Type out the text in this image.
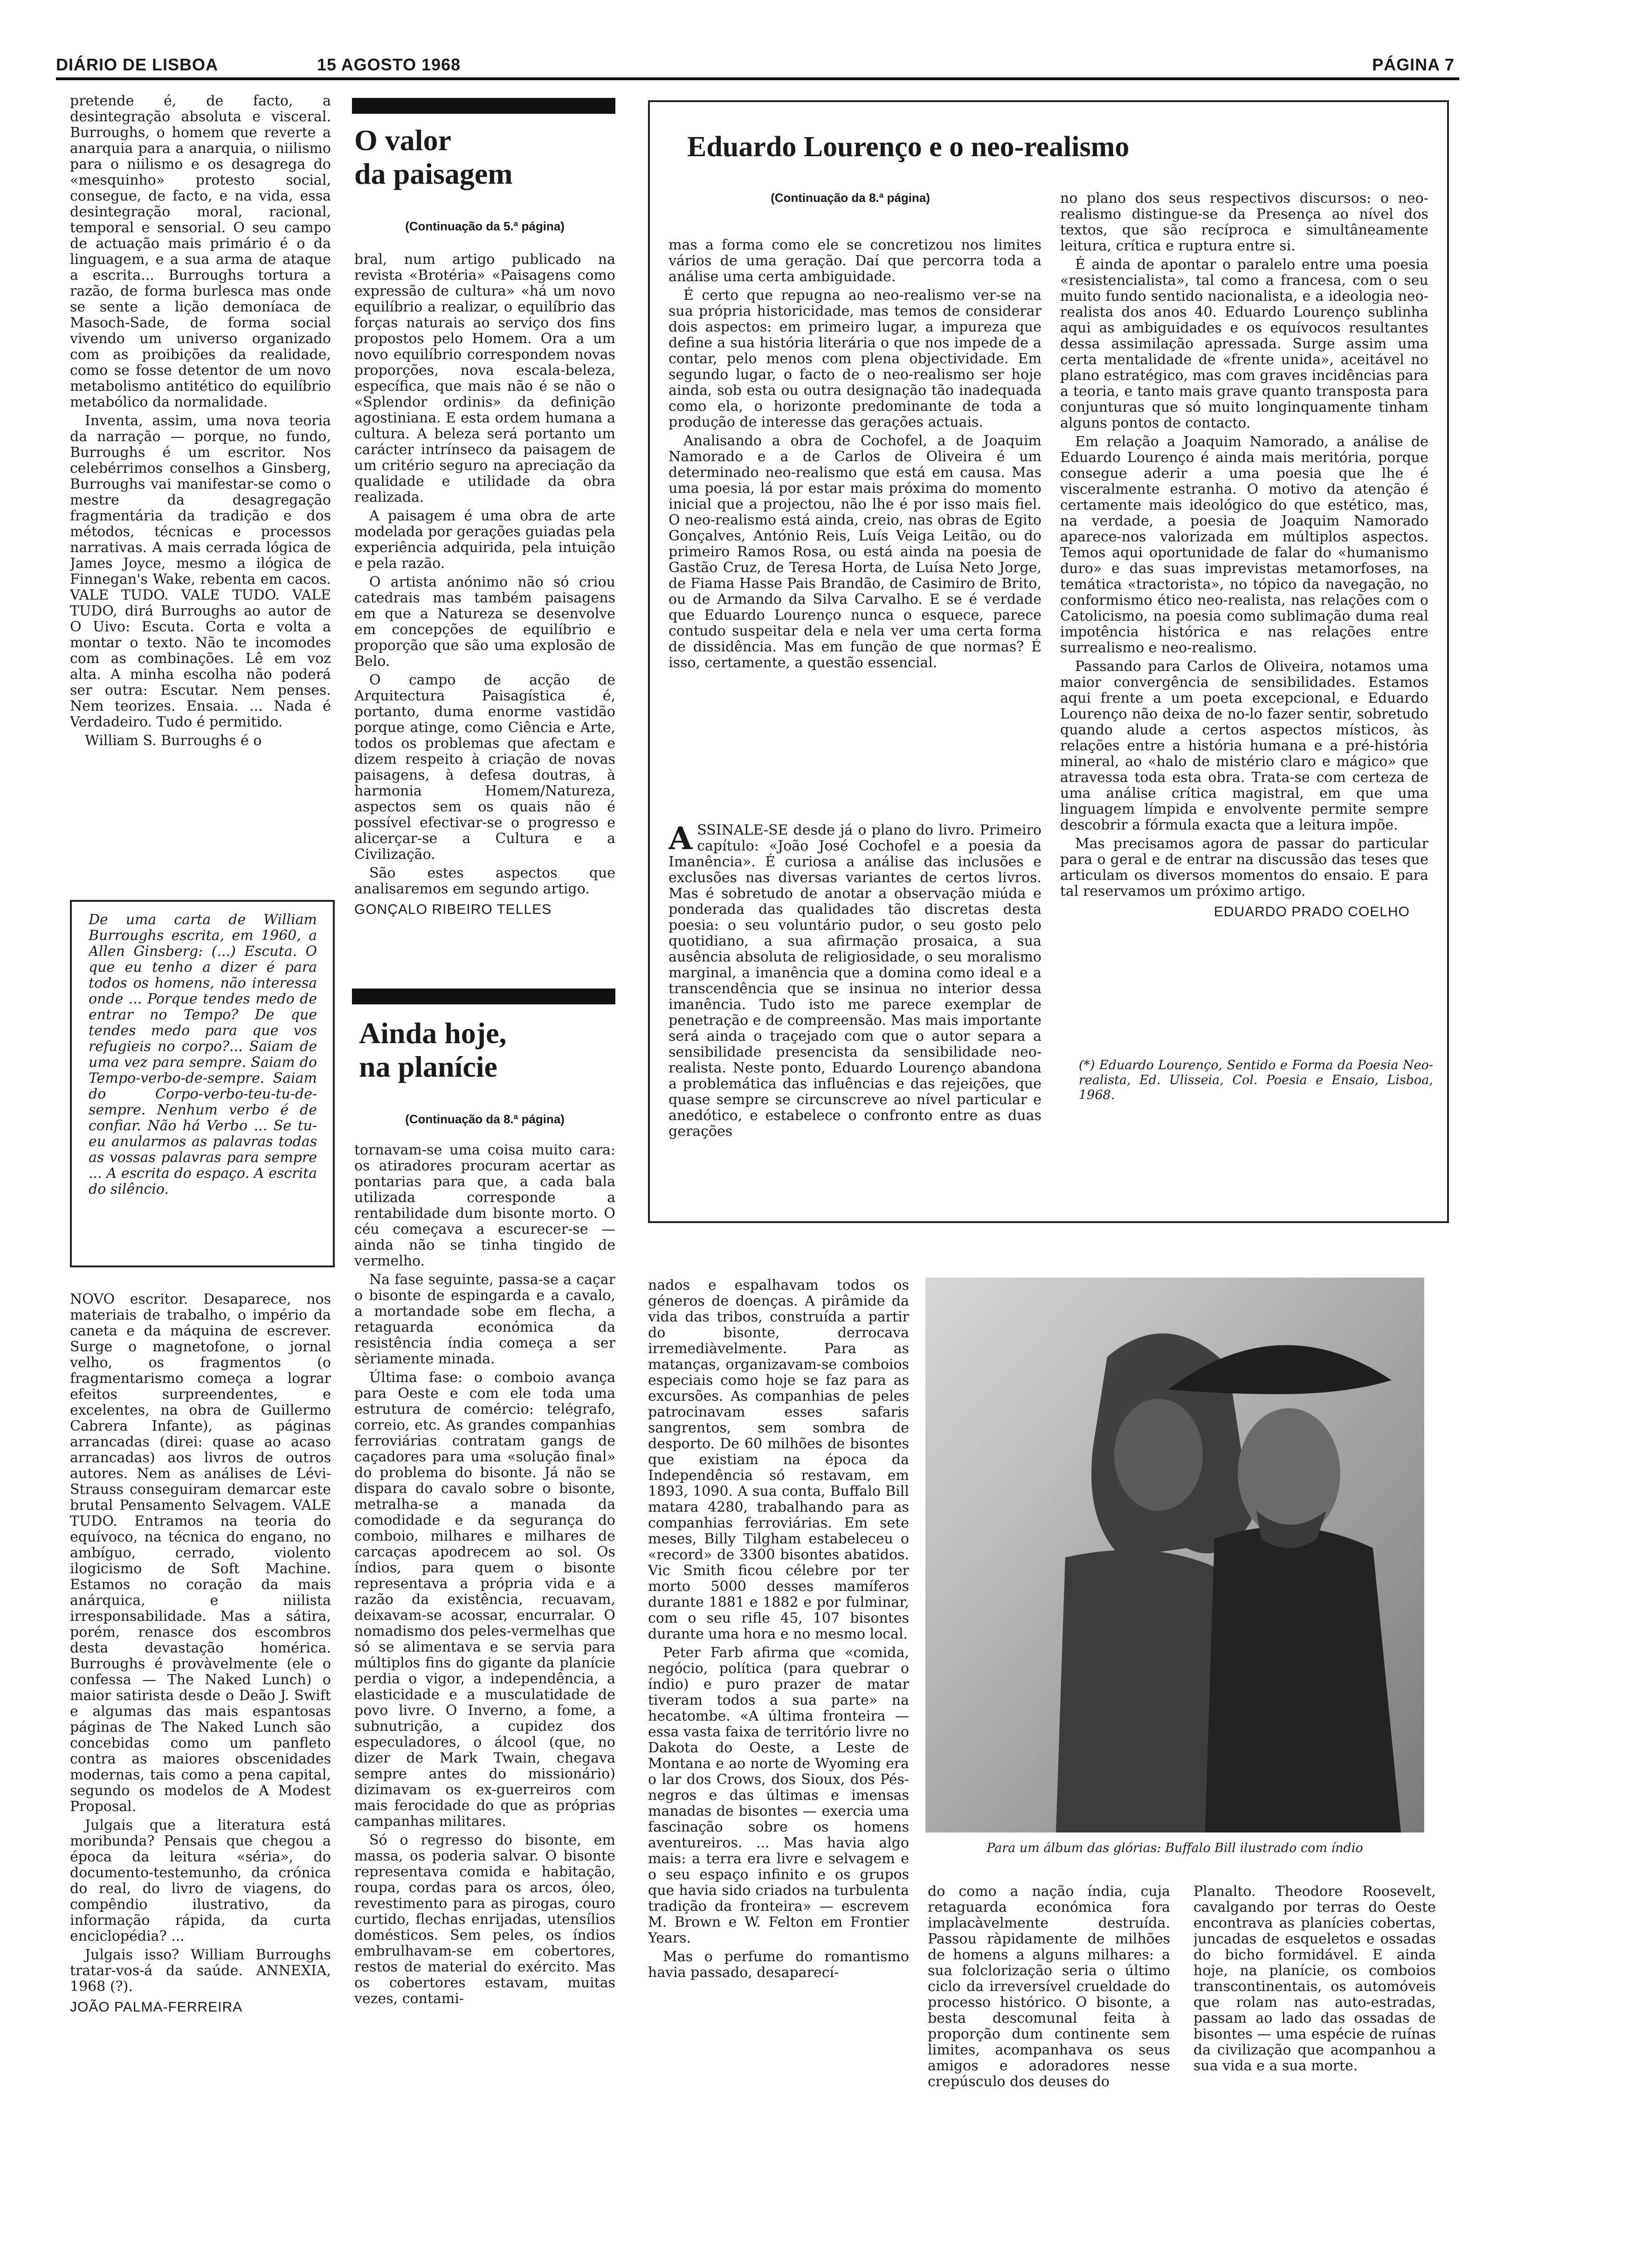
DIÁRIO DE LISBOA	15 AGOSTO 1968	PÁGINA 7

pretende é, de facto, a desintegração absoluta e visceral. Burroughs, o homem que reverte a anarquia para a anarquia, o niilismo para o niilismo e os desagrega do «mesquinho» protesto social, consegue, de facto, e na vida, essa desintegração moral, racional, temporal e sensorial. O seu campo de actuação mais primário é o da linguagem, e a sua arma de ataque a escrita... Burroughs tortura a razão, de forma burlesca mas onde se sente a lição demoníaca de Masoch-Sade, de forma social vivendo um universo organizado com as proibições da realidade, como se fosse detentor de um novo metabolismo antitético do equilíbrio metabólico da normalidade.

Inventa, assim, uma nova teoria da narração — porque, no fundo, Burroughs é um escritor. Nos celebérrimos conselhos a Ginsberg, Burroughs vai manifestar-se como o mestre da desagregação fragmentária da tradição e dos métodos, técnicas e processos narrativas. A mais cerrada lógica de James Joyce, mesmo a ilógica de Finnegan's Wake, rebenta em cacos. VALE TUDO. VALE TUDO. VALE TUDO, dirá Burroughs ao autor de O Uivo: Escuta. Corta e volta a montar o texto. Não te incomodes com as combinações. Lê em voz alta. A minha escolha não poderá ser outra: Escutar. Nem penses. Nem teorizes. Ensaia. ... Nada é Verdadeiro. Tudo é permitido.

William S. Burroughs é o

De uma carta de William Burroughs escrita, em 1960, a Allen Ginsberg: (...) Escuta. O que eu tenho a dizer é para todos os homens, não interessa onde ... Porque tendes medo de entrar no Tempo? De que tendes medo para que vos refugieis no corpo?... Saiam de uma vez para sempre. Saiam do Tempo-verbo-de-sempre. Saiam do Corpo-verbo-teu-tu-de-sempre. Nenhum verbo é de confiar. Não há Verbo ... Se tu-eu anularmos as palavras todas as vossas palavras para sempre ... A escrita do espaço. A escrita do silêncio.

NOVO escritor. Desaparece, nos materiais de trabalho, o império da caneta e da máquina de escrever. Surge o magnetofone, o jornal velho, os fragmentos (o fragmentarismo começa a lograr efeitos surpreendentes, e excelentes, na obra de Guillermo Cabrera Infante), as páginas arrancadas (direi: quase ao acaso arrancadas) aos livros de outros autores. Nem as análises de Lévi-Strauss conseguiram demarcar este brutal Pensamento Selvagem. VALE TUDO. Entramos na teoria do equívoco, na técnica do engano, no ambíguo, cerrado, violento ilogicismo de Soft Machine. Estamos no coração da mais anárquica, e niilista irresponsabilidade. Mas a sátira, porém, renasce dos escombros desta devastação homérica. Burroughs é provàvelmente (ele o confessa — The Naked Lunch) o maior satirista desde o Deão J. Swift e algumas das mais espantosas páginas de The Naked Lunch são concebidas como um panfleto contra as maiores obscenidades modernas, tais como a pena capital, segundo os modelos de A Modest Proposal.

Julgais que a literatura está moribunda? Pensais que chegou a época da leitura «séria», do documento-testemunho, da crónica do real, do livro de viagens, do compêndio ilustrativo, da informação rápida, da curta enciclopédia? ...

Julgais isso? William Burroughs tratar-vos-á da saúde. ANNEXIA, 1968 (?).

JOÃO PALMA-FERREIRA
O valor
da paisagem
(Continuação da 5.ª página)

bral, num artigo publicado na revista «Brotéria» «Paisagens como expressão de cultura» «há um novo equilíbrio a realizar, o equilíbrio das forças naturais ao serviço dos fins propostos pelo Homem. Ora a um novo equilíbrio correspondem novas proporções, nova escala-beleza, específica, que mais não é se não o «Splendor ordinis» da definição agostiniana. E esta ordem humana a cultura. A beleza será portanto um carácter intrínseco da paisagem de um critério seguro na apreciação da qualidade e utilidade da obra realizada.

A paisagem é uma obra de arte modelada por gerações guiadas pela experiência adquirida, pela intuição e pela razão.

O artista anónimo não só criou catedrais mas também paisagens em que a Natureza se desenvolve em concepções de equilíbrio e proporção que são uma explosão de Belo.

O campo de acção de Arquitectura Paisagística é, portanto, duma enorme vastidão porque atinge, como Ciência e Arte, todos os problemas que afectam e dizem respeito à criação de novas paisagens, à defesa doutras, à harmonia Homem/Natureza, aspectos sem os quais não é possível efectivar-se o progresso e alicerçar-se a Cultura e a Civilização.

São estes aspectos que analisaremos em segundo artigo.

GONÇALO RIBEIRO TELLES
Ainda hoje,
na planície
(Continuação da 8.ª página)

tornavam-se uma coisa muito cara: os atiradores procuram acertar as pontarias para que, a cada bala utilizada corresponde a rentabilidade dum bisonte morto. O céu começava a escurecer-se — ainda não se tinha tingido de vermelho.

Na fase seguinte, passa-se a caçar o bisonte de espingarda e a cavalo, a mortandade sobe em flecha, a retaguarda económica da resistência índia começa a ser sèriamente minada.

Última fase: o comboio avança para Oeste e com ele toda uma estrutura de comércio: telégrafo, correio, etc. As grandes companhias ferroviárias contratam gangs de caçadores para uma «solução final» do problema do bisonte. Já não se dispara do cavalo sobre o bisonte, metralha-se a manada da comodidade e da segurança do comboio, milhares e milhares de carcaças apodrecem ao sol. Os índios, para quem o bisonte representava a própria vida e a razão da existência, recuavam, deixavam-se acossar, encurralar. O nomadismo dos peles-vermelhas que só se alimentava e se servia para múltiplos fins do gigante da planície perdia o vigor, a independência, a elasticidade e a musculatidade de povo livre. O Inverno, a fome, a subnutrição, a cupidez dos especuladores, o álcool (que, no dizer de Mark Twain, chegava sempre antes do missionário) dizimavam os ex-guerreiros com mais ferocidade do que as próprias campanhas militares.

Só o regresso do bisonte, em massa, os poderia salvar. O bisonte representava comida e habitação, roupa, cordas para os arcos, óleo, revestimento para as pirogas, couro curtido, flechas enrijadas, utensílios domésticos. Sem peles, os índios embrulhavam-se em cobertores, restos de material do exército. Mas os cobertores estavam, muitas vezes, contami-

nados e espalhavam todos os géneros de doenças. A pirâmide da vida das tribos, construída a partir do bisonte, derrocava irremediàvelmente. Para as matanças, organizavam-se comboios especiais como hoje se faz para as excursões. As companhias de peles patrocinavam esses safaris sangrentos, sem sombra de desporto. De 60 milhões de bisontes que existiam na época da Independência só restavam, em 1893, 1090. A sua conta, Buffalo Bill matara 4280, trabalhando para as companhias ferroviárias. Em sete meses, Billy Tilgham estabeleceu o «record» de 3300 bisontes abatidos. Vic Smith ficou célebre por ter morto 5000 desses mamíferos durante 1881 e 1882 e por fulminar, com o seu rifle 45, 107 bisontes durante uma hora e no mesmo local.

Peter Farb afirma que «comida, negócio, política (para quebrar o índio) e puro prazer de matar tiveram todos a sua parte» na hecatombe. «A última fronteira — essa vasta faixa de território livre no Dakota do Oeste, a Leste de Montana e ao norte de Wyoming era o lar dos Crows, dos Sioux, dos Pés-negros e das últimas e imensas manadas de bisontes — exercia uma fascinação sobre os homens aventureiros. ... Mas havia algo mais: a terra era livre e selvagem e o seu espaço infinito e os grupos que havia sido criados na turbulenta tradição da fronteira» — escrevem M. Brown e W. Felton em Frontier Years.

Mas o perfume do romantismo havia passado, desaparecí-

Para um álbum das glórias: Buffalo Bill ilustrado com índio

do como a nação índia, cuja retaguarda económica fora implacàvelmente destruída. Passou ràpidamente de milhões de homens a alguns milhares: a sua folclorização seria o último ciclo da irreversível crueldade do processo histórico. O bisonte, a besta descomunal feita à proporção dum continente sem limites, acompanhava os seus amigos e adoradores nesse crepúsculo dos deuses do

Planalto. Theodore Roosevelt, cavalgando por terras do Oeste encontrava as planícies cobertas, juncadas de esqueletos e ossadas do bicho formidável. E ainda hoje, na planície, os comboios transcontinentais, os automóveis que rolam nas auto-estradas, passam ao lado das ossadas de bisontes — uma espécie de ruínas da civilização que acompanhou a sua vida e a sua morte.

Eduardo Lourenço e o neo-realismo
(Continuação da 8.ª página)

mas a forma como ele se concretizou nos limites vários de uma geração. Daí que percorra toda a análise uma certa ambiguidade.

É certo que repugna ao neo-realismo ver-se na sua própria historicidade, mas temos de considerar dois aspectos: em primeiro lugar, a impureza que define a sua história literária o que nos impede de a contar, pelo menos com plena objectividade. Em segundo lugar, o facto de o neo-realismo ser hoje ainda, sob esta ou outra designação tão inadequada como ela, o horizonte predominante de toda a produção de interesse das gerações actuais.

Analisando a obra de Cochofel, a de Joaquim Namorado e a de Carlos de Oliveira é um determinado neo-realismo que está em causa. Mas uma poesia, lá por estar mais próxima do momento inicial que a projectou, não lhe é por isso mais fiel. O neo-realismo está ainda, creio, nas obras de Egito Gonçalves, António Reis, Luís Veiga Leitão, ou do primeiro Ramos Rosa, ou está ainda na poesia de Gastão Cruz, de Teresa Horta, de Luísa Neto Jorge, de Fiama Hasse Pais Brandão, de Casimiro de Brito, ou de Armando da Silva Carvalho. E se é verdade que Eduardo Lourenço nunca o esquece, parece contudo suspeitar dela e nela ver uma certa forma de dissidência. Mas em função de que normas? É isso, certamente, a questão essencial.

ASSINALE-SE desde já o plano do livro. Primeiro capítulo: «João José Cochofel e a poesia da Imanência». É curiosa a análise das inclusões e exclusões nas diversas variantes de certos livros. Mas é sobretudo de anotar a observação miúda e ponderada das qualidades tão discretas desta poesia: o seu voluntário pudor, o seu gosto pelo quotidiano, a sua afirmação prosaica, a sua ausência absoluta de religiosidade, o seu moralismo marginal, a imanência que a domina como ideal e a transcendência que se insinua no interior dessa imanência. Tudo isto me parece exemplar de penetração e de compreensão. Mas mais importante será ainda o traçejado com que o autor separa a sensibilidade presencista da sensibilidade neo-realista. Neste ponto, Eduardo Lourenço abandona a problemática das influências e das rejeições, que quase sempre se circunscreve ao nível particular e anedótico, e estabelece o confronto entre as duas gerações

no plano dos seus respectivos discursos: o neo-realismo distingue-se da Presença ao nível dos textos, que são recíproca e simultâneamente leitura, crítica e ruptura entre si.

É ainda de apontar o paralelo entre uma poesia «resistencialista», tal como a francesa, com o seu muito fundo sentido nacionalista, e a ideologia neo-realista dos anos 40. Eduardo Lourenço sublinha aqui as ambiguidades e os equívocos resultantes dessa assimilação apressada. Surge assim uma certa mentalidade de «frente unida», aceitável no plano estratégico, mas com graves incidências para a teoria, e tanto mais grave quanto transposta para conjunturas que só muito longinquamente tinham alguns pontos de contacto.

Em relação a Joaquim Namorado, a análise de Eduardo Lourenço é ainda mais meritória, porque consegue aderir a uma poesia que lhe é visceralmente estranha. O motivo da atenção é certamente mais ideológico do que estético, mas, na verdade, a poesia de Joaquim Namorado aparece-nos valorizada em múltiplos aspectos. Temos aqui oportunidade de falar do «humanismo duro» e das suas imprevistas metamorfoses, na temática «tractorista», no tópico da navegação, no conformismo ético neo-realista, nas relações com o Catolicismo, na poesia como sublimação duma real impotência histórica e nas relações entre surrealismo e neo-realismo.

Passando para Carlos de Oliveira, notamos uma maior convergência de sensibilidades. Estamos aqui frente a um poeta excepcional, e Eduardo Lourenço não deixa de no-lo fazer sentir, sobretudo quando alude a certos aspectos místicos, às relações entre a história humana e a pré-história mineral, ao «halo de mistério claro e mágico» que atravessa toda esta obra. Trata-se com certeza de uma análise crítica magistral, em que uma linguagem límpida e envolvente permite sempre descobrir a fórmula exacta que a leitura impõe.

Mas precisamos agora de passar do particular para o geral e de entrar na discussão das teses que articulam os diversos momentos do ensaio. E para tal reservamos um próximo artigo.

EDUARDO PRADO COELHO
(*) Eduardo Lourenço, Sentido e Forma da Poesia Neo-realista, Ed. Ulisseia, Col. Poesia e Ensaio, Lisboa, 1968.
